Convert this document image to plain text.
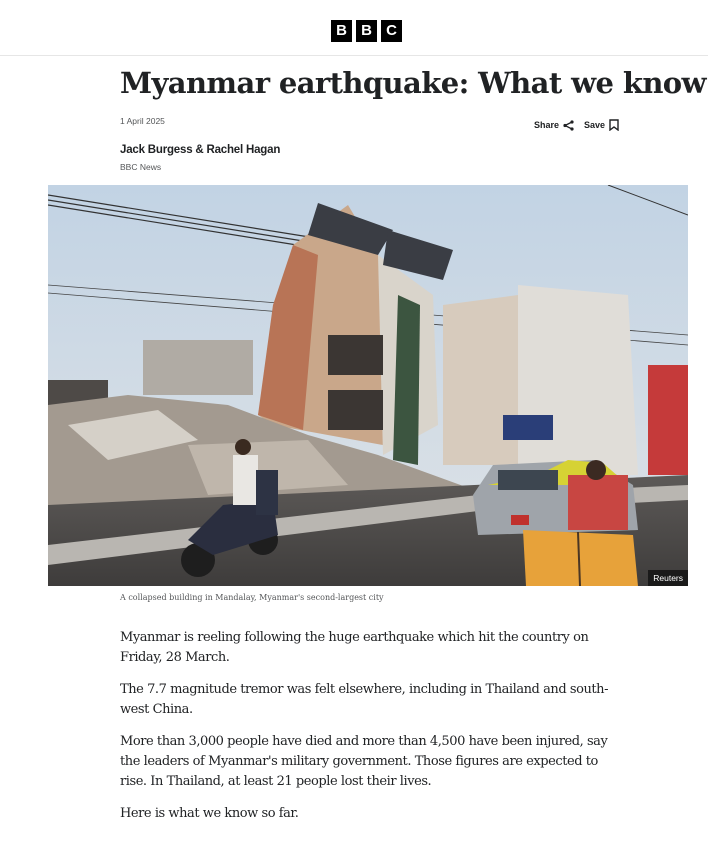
B B C
Myanmar earthquake: What we know
1 April 2025	Share	Save
Jack Burgess & Rachel Hagan
BBC News
Reuters
A collapsed building in Mandalay, Myanmar's second-largest city

Myanmar is reeling following the huge earthquake which hit the country on Friday, 28 March.

The 7.7 magnitude tremor was felt elsewhere, including in Thailand and south-west China.

More than 3,000 people have died and more than 4,500 have been injured, say the leaders of Myanmar's military government. Those figures are expected to rise. In Thailand, at least 21 people lost their lives.

Here is what we know so far.
